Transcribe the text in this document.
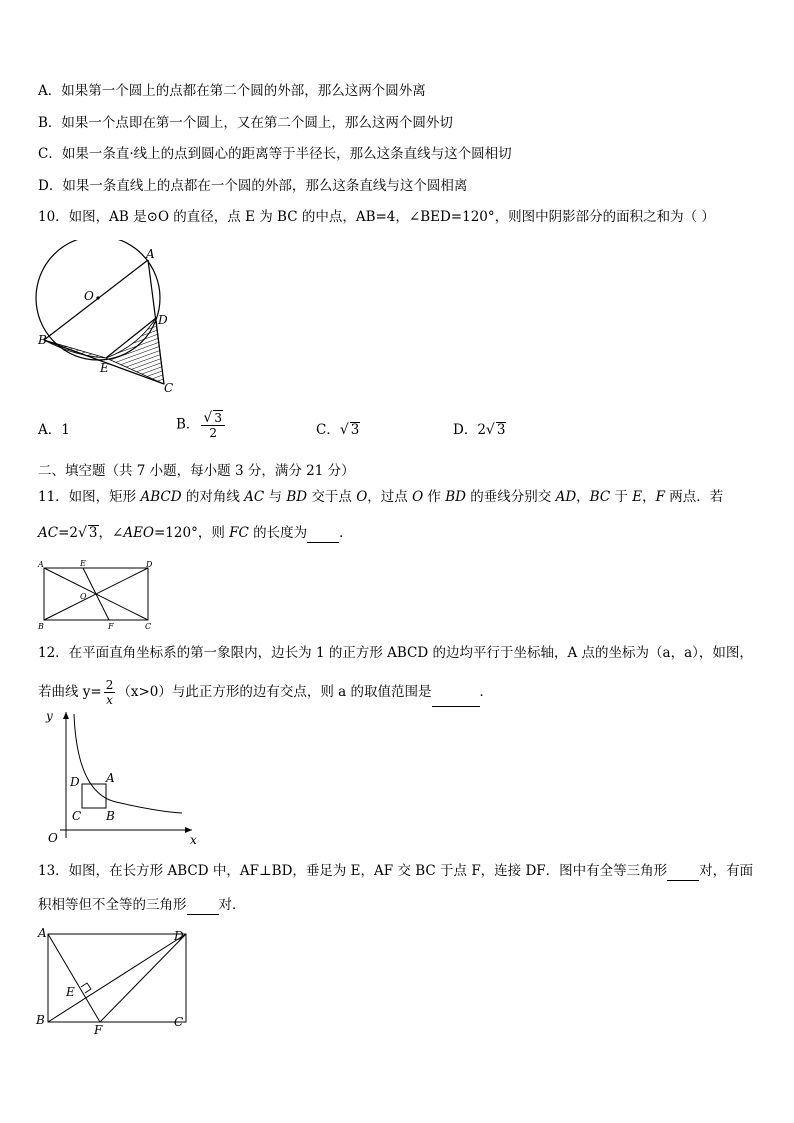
A．如果第一个圆上的点都在第二个圆的外部，那么这两个圆外离
B．如果一个点即在第一个圆上，又在第二个圆上，那么这两个圆外切
C．如果一条直·线上的点到圆心的距离等于半径长，那么这条直线与这个圆相切
D．如果一条直线上的点都在一个圆的外部，那么这条直线与这个圆相离
10．如图，AB 是⊙O 的直径，点 E 为 BC 的中点，AB=4，∠BED=120°，则图中阴影部分的面积之和为（ ）
A
O
D
B
E
C
A．1	B． $\frac{√ 3}{2}$	C．√ 3	D．2√ 3
二、填空题（共 7 小题，每小题 3 分，满分 21 分）
11．如图，矩形 ABCD 的对角线 AC 与 BD 交于点 O，过点 O 作 BD 的垂线分别交 AD，BC 于 E，F 两点．若
AC=2√ 3，∠AEO=120°，则 FC 的长度为 ．
A	E	D
O
B	F	C
12．在平面直角坐标系的第一象限内，边长为 1 的正方形 ABCD 的边均平行于坐标轴，A 点的坐标为（a，a），如图，
若曲线 $y= \frac{2}{x} (x>0)$与此正方形的边有交点，则 a 的取值范围是	．
y
x
O
D A
C B
13．如图，在长方形 ABCD 中，AF⊥BD，垂足为 E，AF 交 BC 于点 F，连接 DF．图中有全等三角形 对，有面
积相等但不全等的三角形 对．
A	D
E
B
F
C
